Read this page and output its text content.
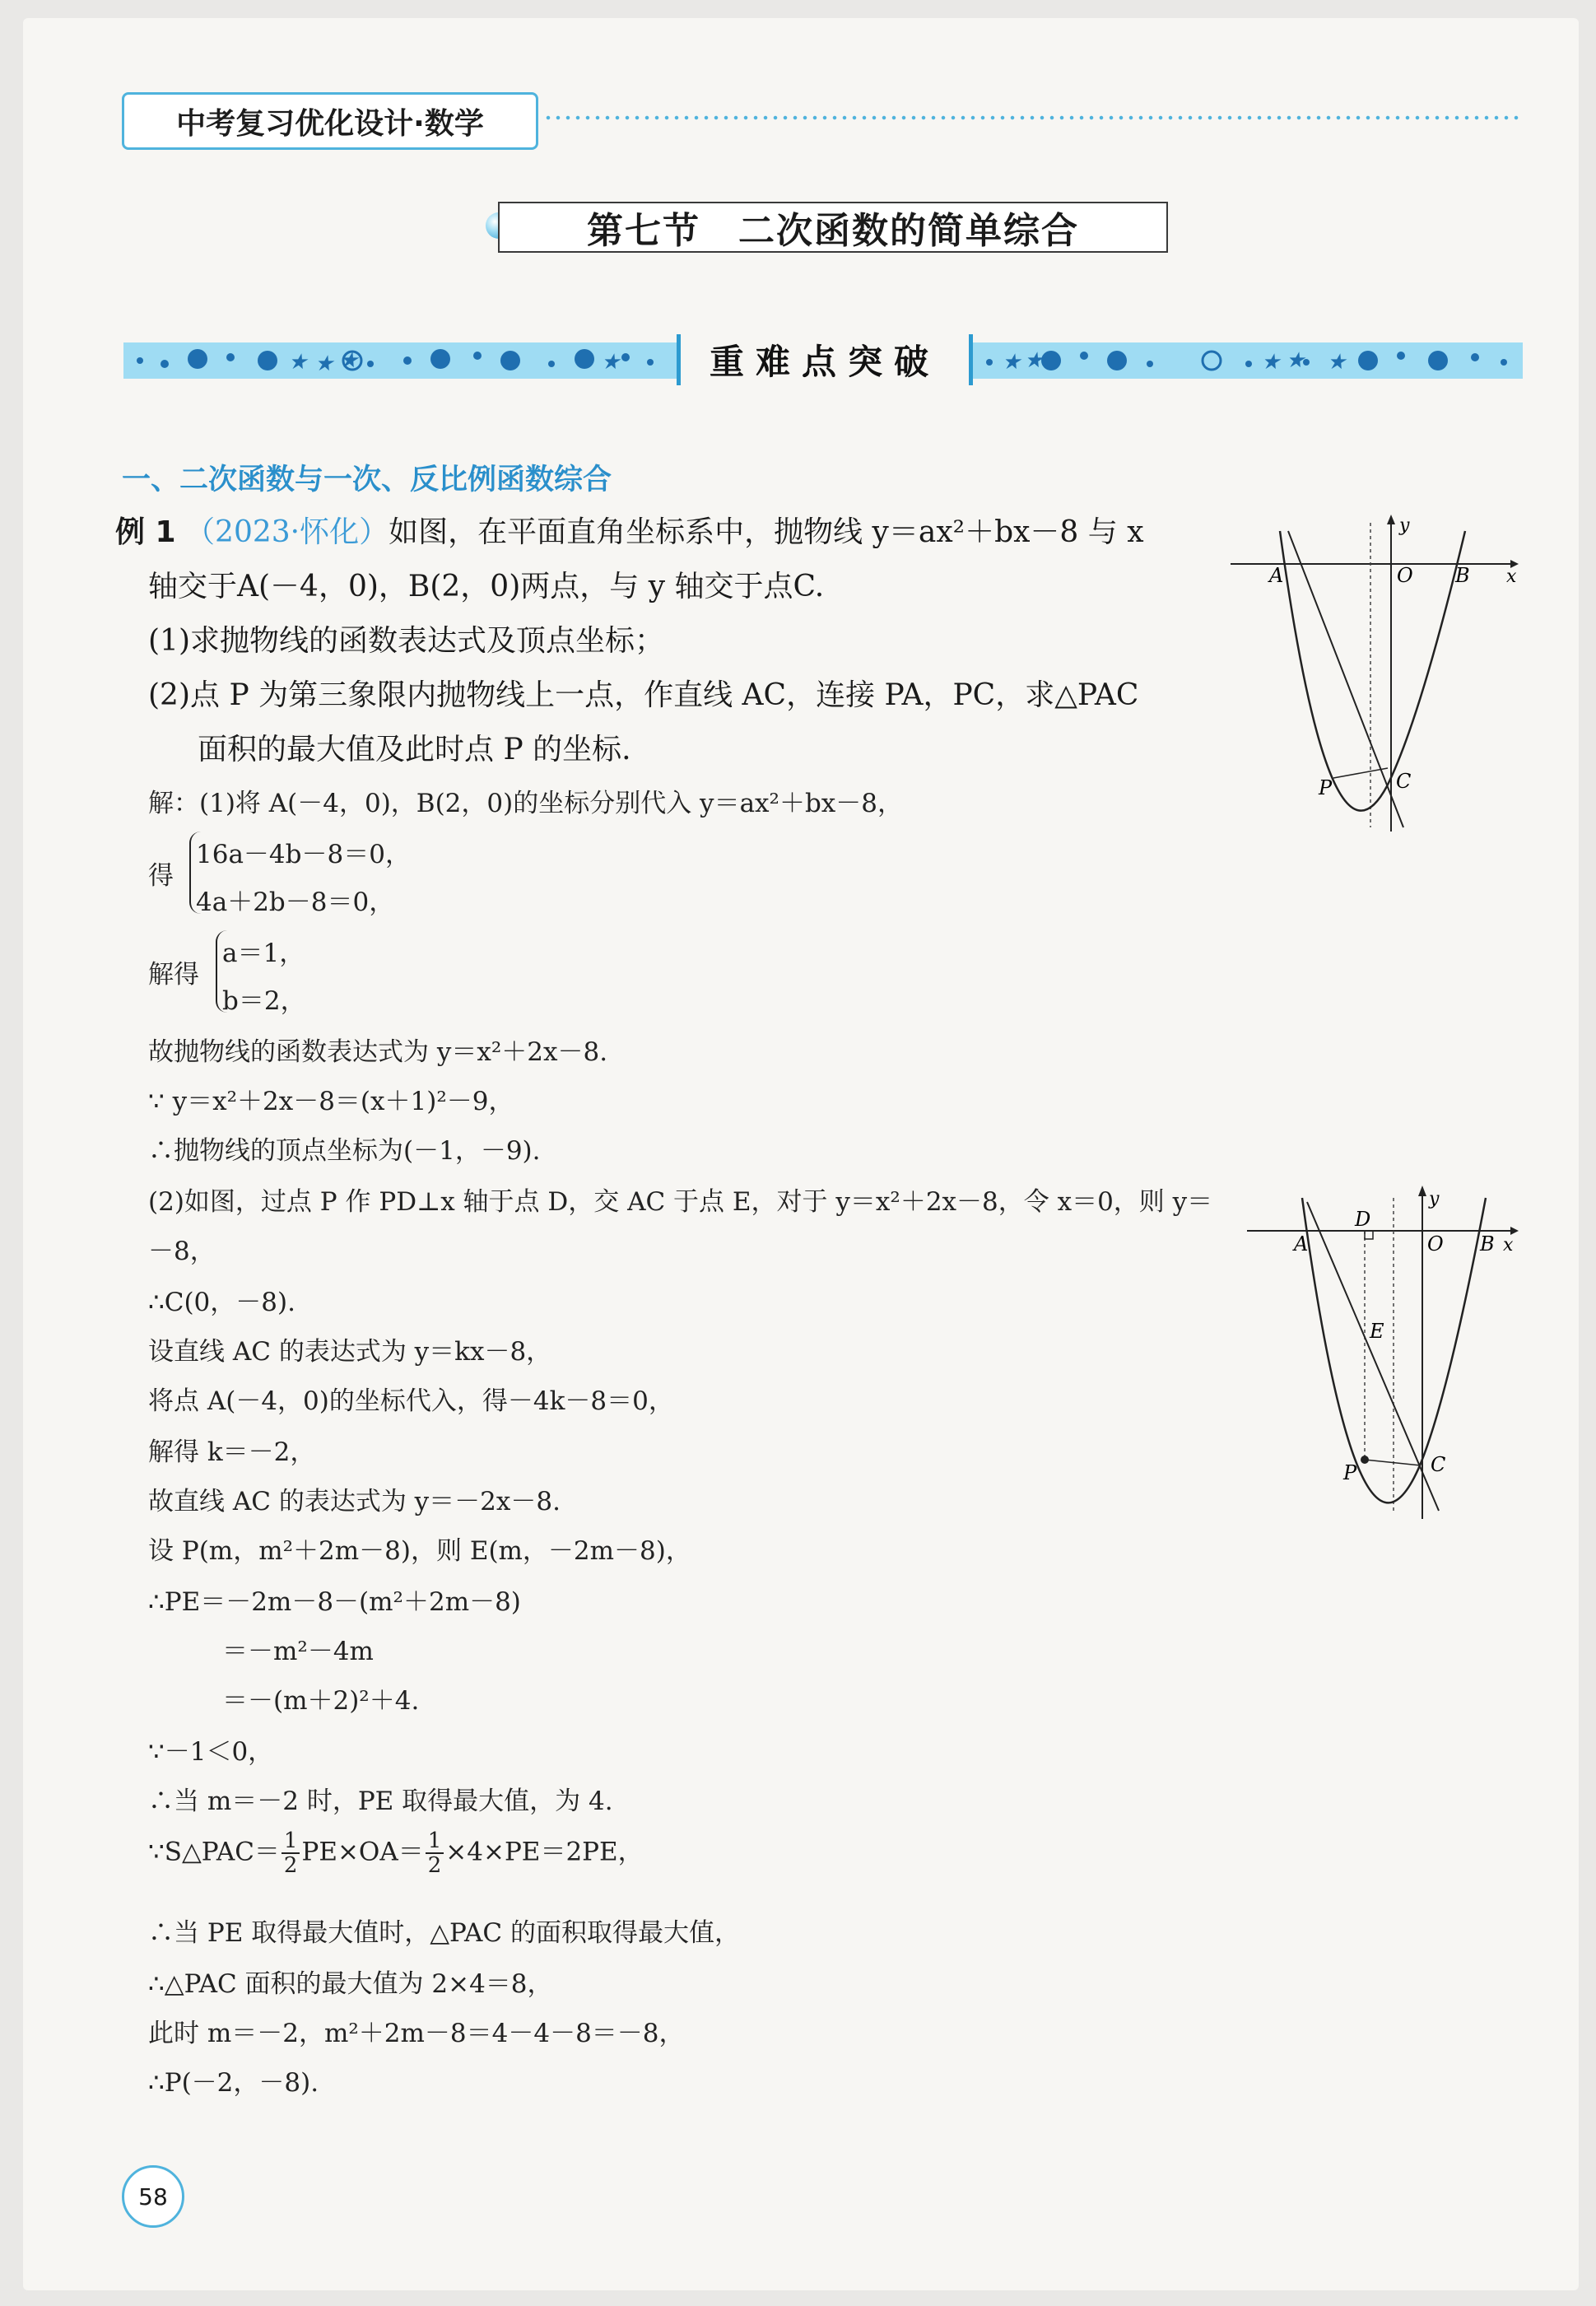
中考复习优化设计·数学
第七节　二次函数的简单综合
★ ★ ★	★	★ ★	★ ★ ★
重难点突破
一、二次函数与一次、反比例函数综合
例 1 （2023·怀化）如图，在平面直角坐标系中，抛物线 y＝ax²＋bx－8 与 x
轴交于A(－4，0)，B(2，0)两点，与 y 轴交于点C.
(1)求抛物线的函数表达式及顶点坐标；
(2)点 P 为第三象限内抛物线上一点，作直线 AC，连接 PA，PC，求△PAC
面积的最大值及此时点 P 的坐标.
A	O B x
y
P	C
解：(1)将 A(－4，0)，B(2，0)的坐标分别代入 y＝ax²＋bx－8，
得
16a－4b－8＝0，
4a＋2b－8＝0，
解得
a＝1，
b＝2，
故抛物线的函数表达式为 y＝x²＋2x－8.
∵ y＝x²＋2x－8＝(x＋1)²－9，
∴抛物线的顶点坐标为(－1，－9).
(2)如图，过点 P 作 PD⊥x 轴于点 D，交 AC 于点 E，对于 y＝x²＋2x－8，令 x＝0，则 y＝
－8，
∴C(0，－8).
设直线 AC 的表达式为 y＝kx－8，
将点 A(－4，0)的坐标代入，得－4k－8＝0，
解得 k＝－2，
故直线 AC 的表达式为 y＝－2x－8.
设 P(m，m²＋2m－8)，则 E(m，－2m－8)，
∴PE＝－2m－8－(m²＋2m－8)
＝－m²－4m
＝－(m＋2)²＋4.
∵－1＜0，
∴当 m＝－2 时，PE 取得最大值，为 4.
∵S△PAC＝ $\frac{1}{2} PE\times OA= \frac{1}{2} \times 4\times PE=2PE$，
∴当 PE 取得最大值时，△PAC 的面积取得最大值，
∴△PAC 面积的最大值为 2×4＝8，
此时 m＝－2，m²＋2m－8＝4－4－8＝－8，
∴P(－2，－8).
A
D
O B x
y
E
P	C
58
